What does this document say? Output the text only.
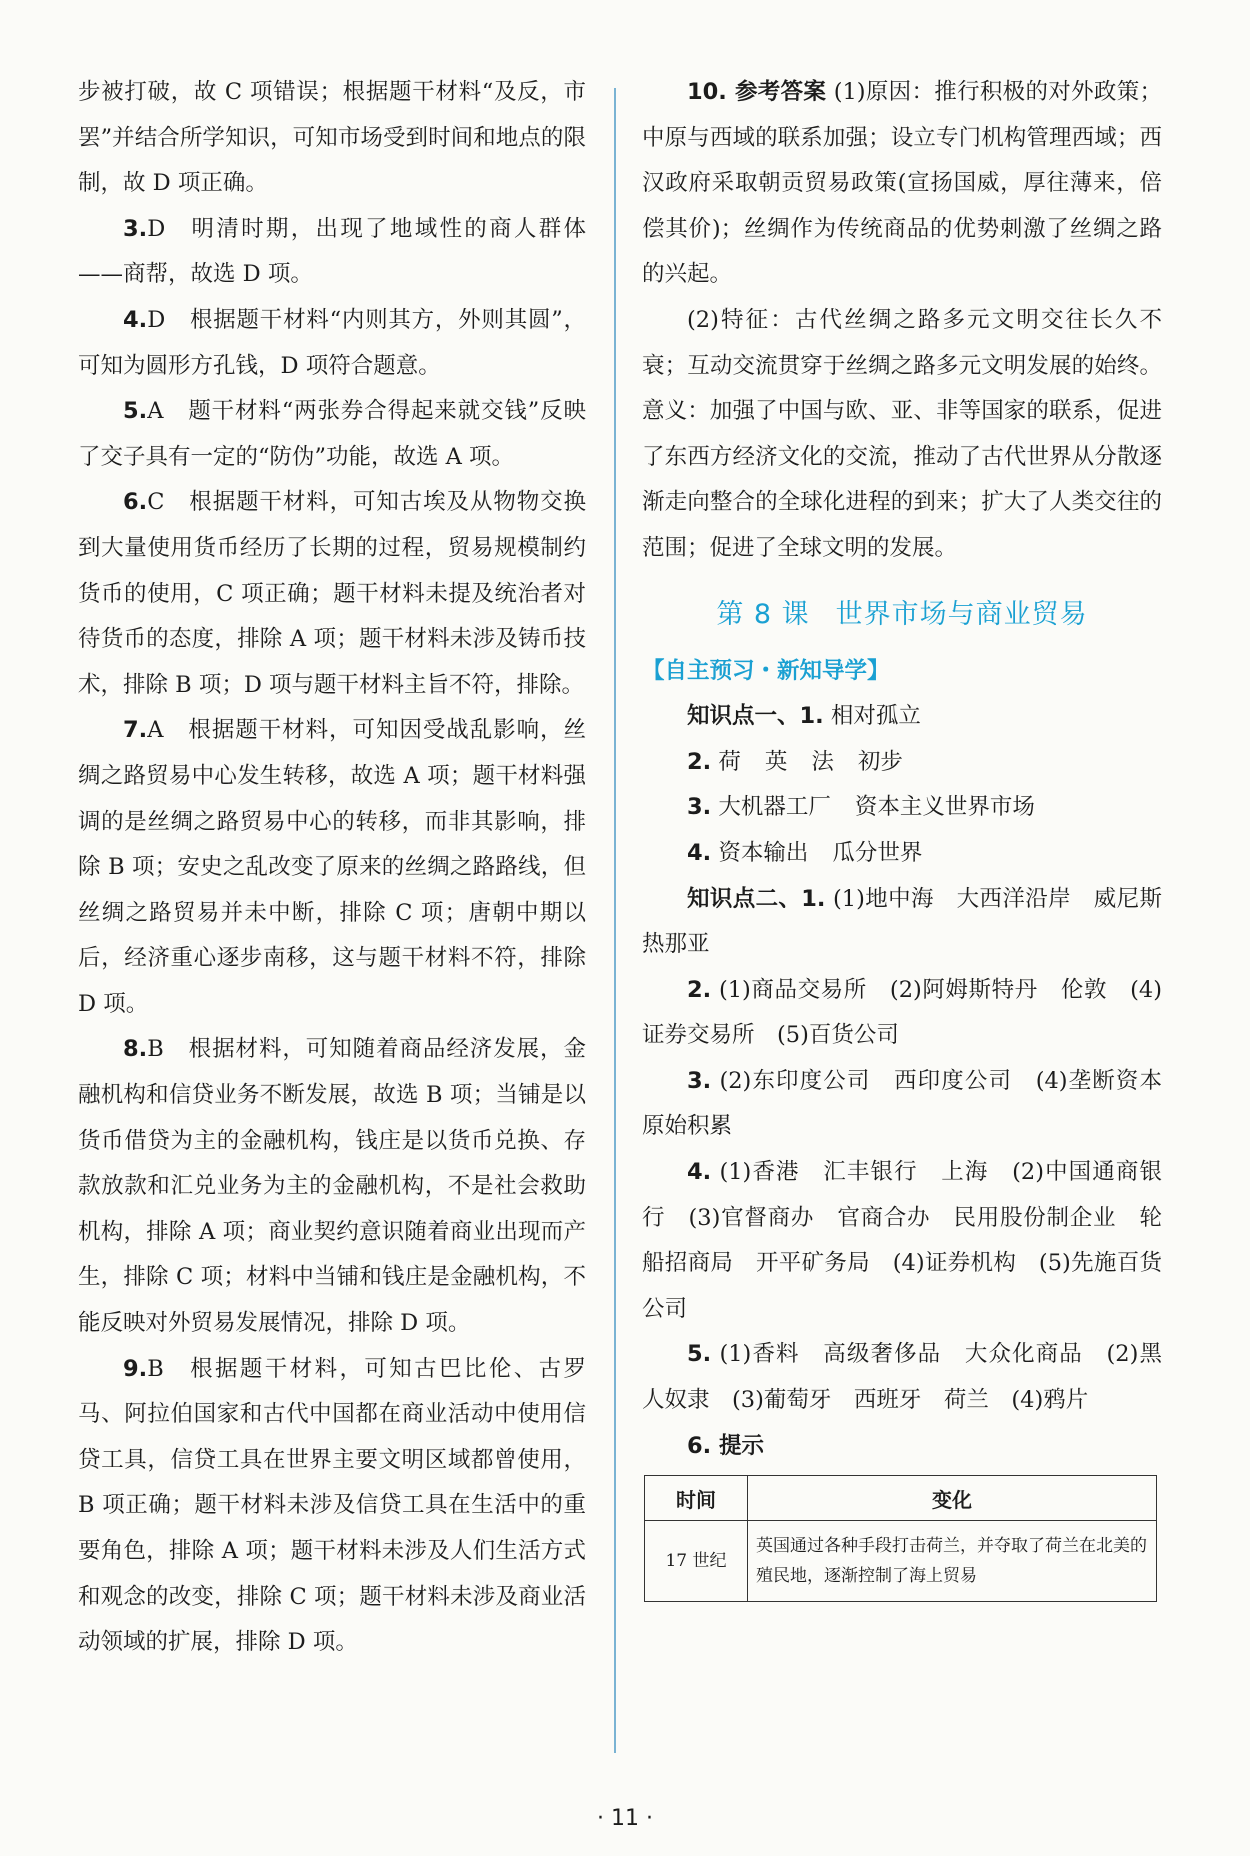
步被打破，故 C 项错误；根据题干材料“及反，市罢”并结合所学知识，可知市场受到时间和地点的限制，故 D 项正确。

3.D 明清时期，出现了地域性的商人群体——商帮，故选 D 项。

4.D 根据题干材料“内则其方，外则其圆”，可知为圆形方孔钱，D 项符合题意。

5.A 题干材料“两张券合得起来就交钱”反映了交子具有一定的“防伪”功能，故选 A 项。

6.C 根据题干材料，可知古埃及从物物交换到大量使用货币经历了长期的过程，贸易规模制约货币的使用，C 项正确；题干材料未提及统治者对待货币的态度，排除 A 项；题干材料未涉及铸币技术，排除 B 项；D 项与题干材料主旨不符，排除。

7.A 根据题干材料，可知因受战乱影响，丝绸之路贸易中心发生转移，故选 A 项；题干材料强调的是丝绸之路贸易中心的转移，而非其影响，排除 B 项；安史之乱改变了原来的丝绸之路路线，但丝绸之路贸易并未中断，排除 C 项；唐朝中期以后，经济重心逐步南移，这与题干材料不符，排除 D 项。

8.B 根据材料，可知随着商品经济发展，金融机构和信贷业务不断发展，故选 B 项；当铺是以货币借贷为主的金融机构，钱庄是以货币兑换、存款放款和汇兑业务为主的金融机构，不是社会救助机构，排除 A 项；商业契约意识随着商业出现而产生，排除 C 项；材料中当铺和钱庄是金融机构，不能反映对外贸易发展情况，排除 D 项。

9.B 根据题干材料，可知古巴比伦、古罗马、阿拉伯国家和古代中国都在商业活动中使用信贷工具，信贷工具在世界主要文明区域都曾使用，B 项正确；题干材料未涉及信贷工具在生活中的重要角色，排除 A 项；题干材料未涉及人们生活方式和观念的改变，排除 C 项；题干材料未涉及商业活动领域的扩展，排除 D 项。

10. 参考答案 (1)原因：推行积极的对外政策；中原与西域的联系加强；设立专门机构管理西域；西汉政府采取朝贡贸易政策(宣扬国威，厚往薄来，倍偿其价)；丝绸作为传统商品的优势刺激了丝绸之路的兴起。

(2)特征：古代丝绸之路多元文明交往长久不衰；互动交流贯穿于丝绸之路多元文明发展的始终。意义：加强了中国与欧、亚、非等国家的联系，促进了东西方经济文化的交流，推动了古代世界从分散逐渐走向整合的全球化进程的到来；扩大了人类交往的范围；促进了全球文明的发展。

第 8 课 世界市场与商业贸易
【自主预习・新知导学】

知识点一、1. 相对孤立

2. 荷 英 法 初步

3. 大机器工厂 资本主义世界市场

4. 资本输出 瓜分世界

知识点二、1. (1)地中海　大西洋沿岸　威尼斯　热那亚

2. (1)商品交易所　(2)阿姆斯特丹　伦敦　(4)证券交易所　(5)百货公司

3. (2)东印度公司　西印度公司　(4)垄断资本原始积累

4. (1)香港　汇丰银行　上海　(2)中国通商银行　(3)官督商办　官商合办　民用股份制企业　轮船招商局　开平矿务局　(4)证券机构　(5)先施百货公司

5. (1)香料　高级奢侈品　大众化商品　(2)黑人奴隶　(3)葡萄牙　西班牙　荷兰　(4)鸦片

6. 提示

时间	变化
17 世纪	英国通过各种手段打击荷兰，并夺取了荷兰在北美的殖民地，逐渐控制了海上贸易
· 11 ·
